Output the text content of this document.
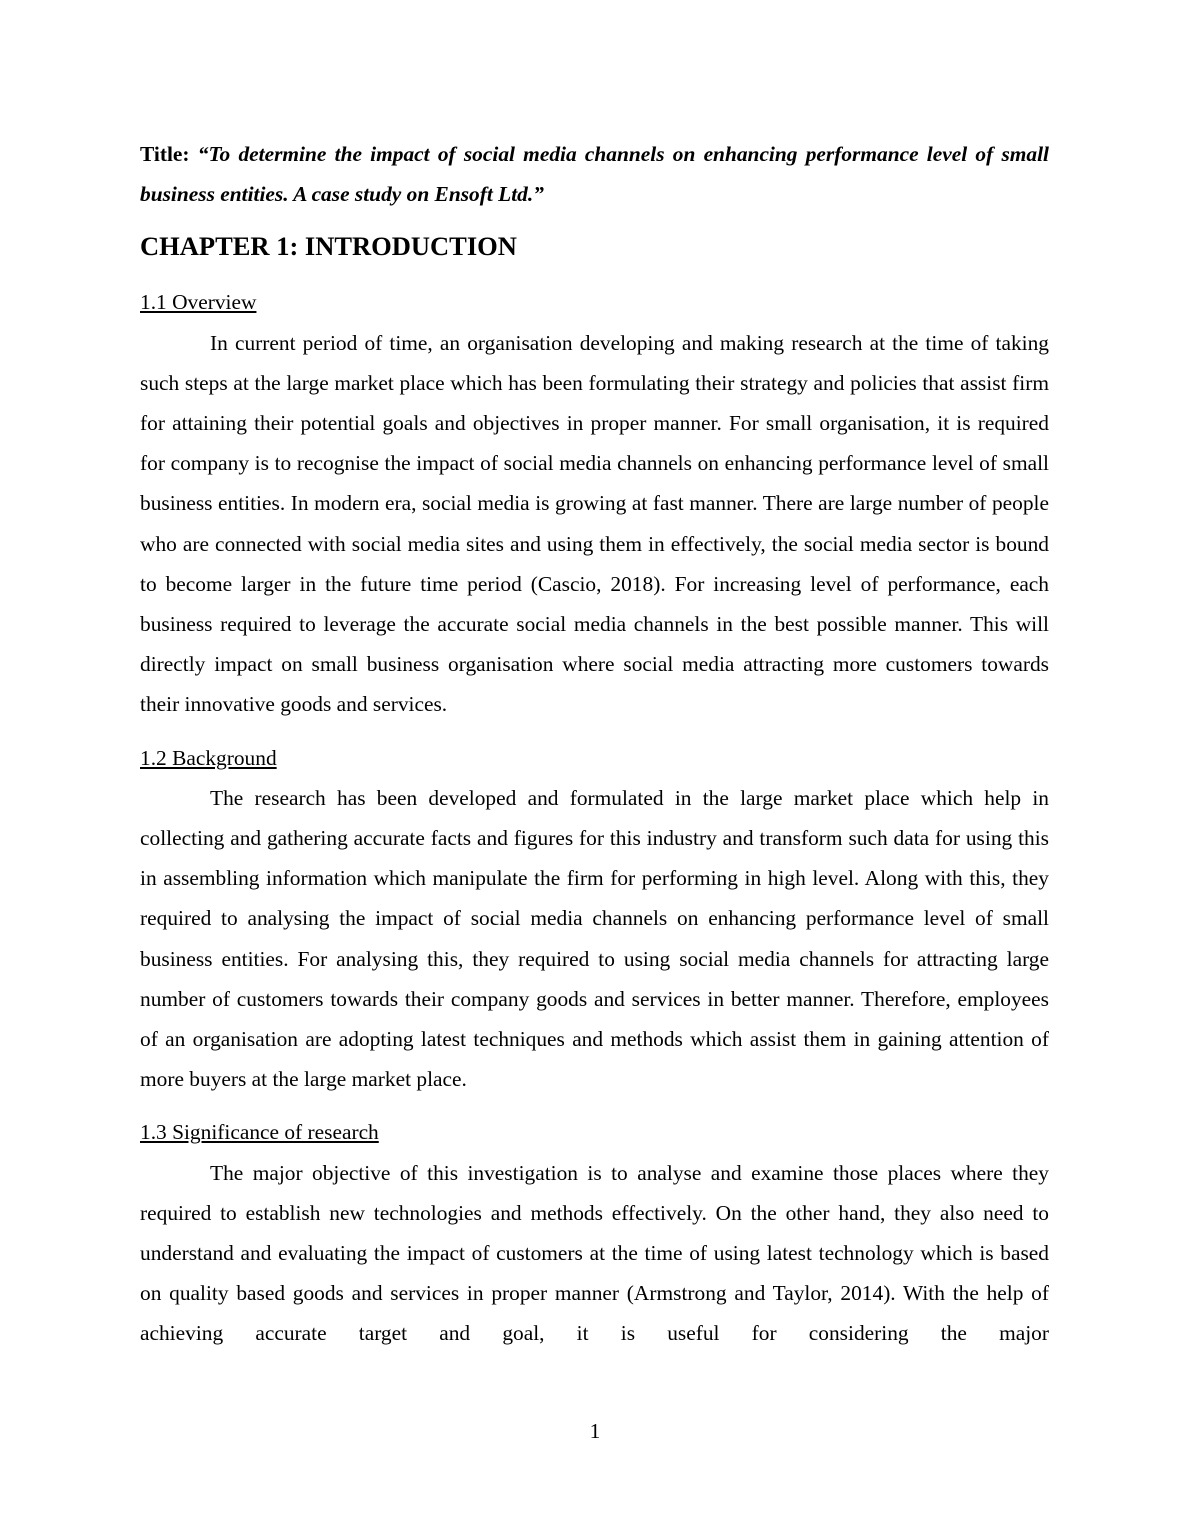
Title: “To determine the impact of social media channels on enhancing performance level of small business entities. A case study on Ensoft Ltd.”

CHAPTER 1: INTRODUCTION
1.1 Overview

In current period of time, an organisation developing and making research at the time of taking such steps at the large market place which has been formulating their strategy and policies that assist firm for attaining their potential goals and objectives in proper manner. For small organisation, it is required for company is to recognise the impact of social media channels on enhancing performance level of small business entities. In modern era, social media is growing at fast manner. There are large number of people who are connected with social media sites and using them in effectively, the social media sector is bound to become larger in the future time period (Cascio, 2018). For increasing level of performance, each business required to leverage the accurate social media channels in the best possible manner. This will directly impact on small business organisation where social media attracting more customers towards their innovative goods and services.

1.2 Background

The research has been developed and formulated in the large market place which help in collecting and gathering accurate facts and figures for this industry and transform such data for using this in assembling information which manipulate the firm for performing in high level. Along with this, they required to analysing the impact of social media channels on enhancing performance level of small business entities. For analysing this, they required to using social media channels for attracting large number of customers towards their company goods and services in better manner. Therefore, employees of an organisation are adopting latest techniques and methods which assist them in gaining attention of more buyers at the large market place.

1.3 Significance of research

The major objective of this investigation is to analyse and examine those places where they required to establish new technologies and methods effectively. On the other hand, they also need to understand and evaluating the impact of customers at the time of using latest technology which is based on quality based goods and services in proper manner (Armstrong and Taylor, 2014). With the help of achieving accurate target and goal, it is useful for considering the major

1
